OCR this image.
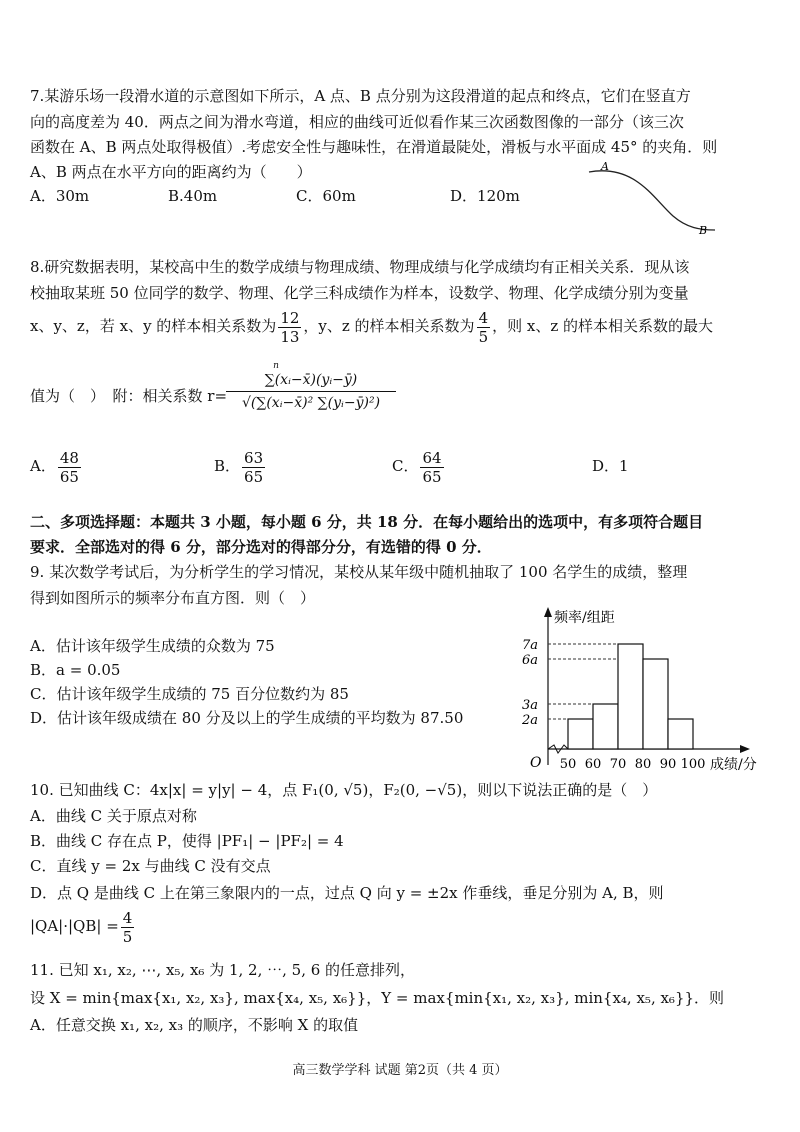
7.某游乐场一段滑水道的示意图如下所示，A 点、B 点分别为这段滑道的起点和终点，它们在竖直方
向的高度差为 40．两点之间为滑水弯道，相应的曲线可近似看作某三次函数图像的一部分（该三次
函数在 A、B 两点处取得极值）.考虑安全性与趣味性，在滑道最陡处，滑板与水平面成 45° 的夹角．则
A、B 两点在水平方向的距离约为（　　）
A．30m	B.40m	C．60m	D．120m
A
B
8.研究数据表明，某校高中生的数学成绩与物理成绩、物理成绩与化学成绩均有正相关关系．现从该
校抽取某班 50 位同学的数学、物理、化学三科成绩作为样本，设数学、物理、化学成绩分别为变量
x、y、z，若 x、y 的样本相关系数为 $\frac{12}{13}$ ，y、z 的样本相关系数为 $\frac{4}{5}$ ，则 x、z 的样本相关系数的最大
值为（　）　附：相关系数 r=
n
∑(xᵢ−x̄)(yᵢ−ȳ)
√(∑(xᵢ−x̄)² ∑(yᵢ−ȳ)²)
A． $\frac{48}{65}$	B． $\frac{63}{65}$	C． $\frac{64}{65}$	D．1
二、多项选择题：本题共 3 小题，每小题 6 分，共 18 分．在每小题给出的选项中，有多项符合题目
要求．全部选对的得 6 分，部分选对的得部分分，有选错的得 0 分．
9. 某次数学考试后，为分析学生的学习情况，某校从某年级中随机抽取了 100 名学生的成绩，整理
得到如图所示的频率分布直方图．则（　）
A．估计该年级学生成绩的众数为 75
B．a = 0.05
C．估计该年级学生成绩的 75 百分位数约为 85
D．估计该年级成绩在 80 分及以上的学生成绩的平均数为 87.50
频率/组距
成绩/分
O
2a
3a
6a
7a
50 60 70 80 90 100
10. 已知曲线 C：4x|x| = y|y| − 4，点 F₁(0, √5)，F₂(0, −√5)，则以下说法正确的是（　）
A．曲线 C 关于原点对称
B．曲线 C 存在点 P，使得 |PF₁| − |PF₂| = 4
C．直线 y = 2x 与曲线 C 没有交点
D．点 Q 是曲线 C 上在第三象限内的一点，过点 Q 向 y = ±2x 作垂线，垂足分别为 A, B，则
$|QA|\cdot|QB| = \frac{4}{5}$
11. 已知 x₁, x₂, ⋯, x₅, x₆ 为 1, 2, ⋯, 5, 6 的任意排列，
设 X = min{max{x₁, x₂, x₃}, max{x₄, x₅, x₆}}，Y = max{min{x₁, x₂, x₃}, min{x₄, x₅, x₆}}．则
A．任意交换 x₁, x₂, x₃ 的顺序，不影响 X 的取值
高三数学学科 试题 第2页（共 4 页）
